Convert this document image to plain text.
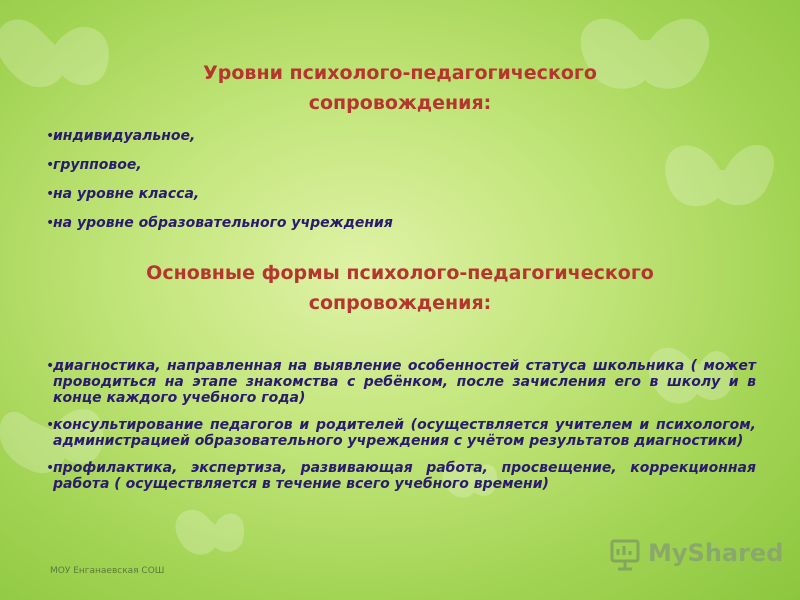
Уровни психолого-педагогического
сопровождения:
•
индивидуальное,
•
групповое,
•
на уровне класса,
•
на уровне образовательного учреждения
Основные формы психолого-педагогического
сопровождения:
•
диагностика, направленная на выявление особенностей статуса школьника ( может проводиться на этапе знакомства с ребёнком, после зачисления его в школу и в конце каждого учебного года)
•
консультирование педагогов и родителей (осуществляется учителем и психологом, администрацией образовательного учреждения с учётом результатов диагностики)
•
профилактика, экспертиза, развивающая работа, просвещение, коррекционная работа ( осуществляется в течение всего учебного времени)
МОУ Енганаевская СОШ
MyShared
